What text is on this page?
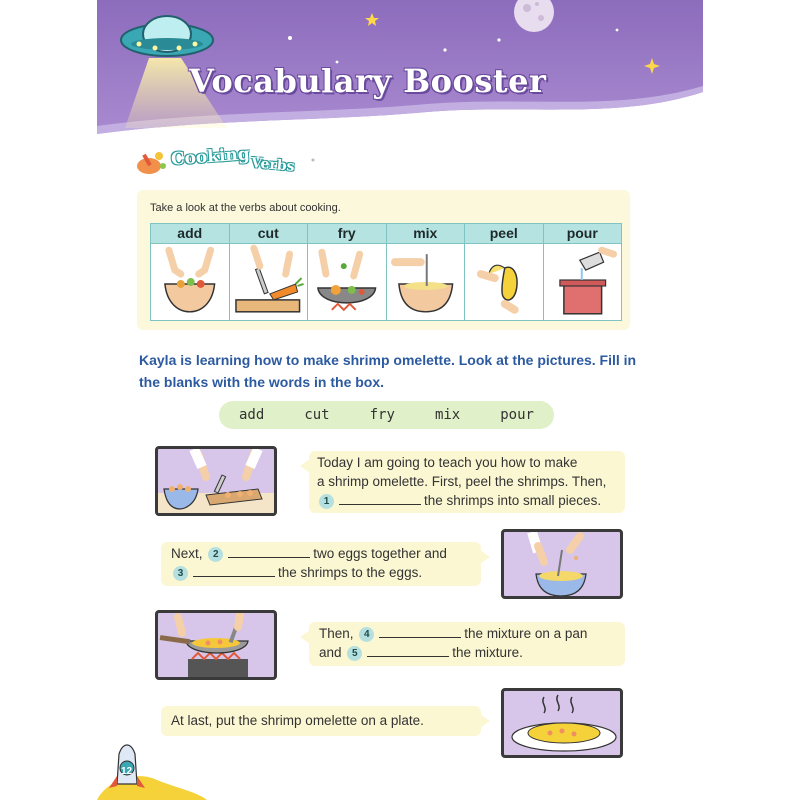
Vocabulary Booster
Cooking Verbs
Take a look at the verbs about cooking.
add	cut	fry	mix	peel	pour
Kayla is learning how to make shrimp omelette. Look at the pictures. Fill in the blanks with the words in the box.
add	cut	fry	mix	pour
Today I am going to teach you how to make
a shrimp omelette. First, peel the shrimps. Then,
1	the shrimps into small pieces.
Next, 2	two eggs together and
3	the shrimps to the eggs.
Then, 4	the mixture on a pan
and 5	the mixture.
At last, put the shrimp omelette on a plate.
12
